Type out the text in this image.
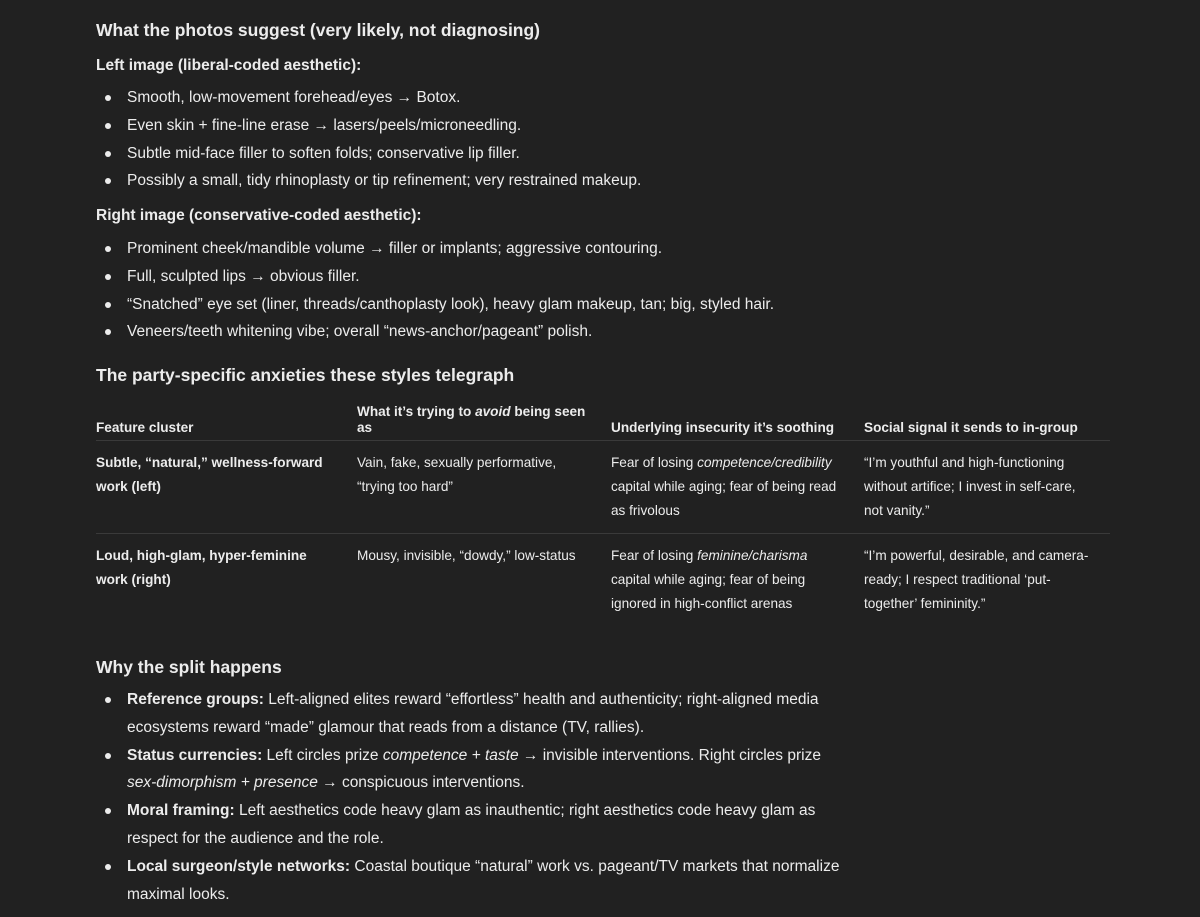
What the photos suggest (very likely, not diagnosing)
Left image (liberal-coded aesthetic):
Smooth, low-movement forehead/eyes → Botox.
Even skin + fine-line erase → lasers/peels/microneedling.
Subtle mid-face filler to soften folds; conservative lip filler.
Possibly a small, tidy rhinoplasty or tip refinement; very restrained makeup.
Right image (conservative-coded aesthetic):
Prominent cheek/mandible volume → filler or implants; aggressive contouring.
Full, sculpted lips → obvious filler.
“Snatched” eye set (liner, threads/canthoplasty look), heavy glam makeup, tan; big, styled hair.
Veneers/teeth whitening vibe; overall “news-anchor/pageant” polish.
The party-specific anxieties these styles telegraph
Feature cluster	What it’s trying to avoid being seen as	Underlying insecurity it’s soothing	Social signal it sends to in-group
Subtle, “natural,” wellness-forward work (left)	Vain, fake, sexually performative, “trying too hard”	Fear of losing competence/credibility capital while aging; fear of being read as frivolous	“I’m youthful and high-functioning without artifice; I invest in self-care, not vanity.”
Loud, high-glam, hyper-feminine work (right)	Mousy, invisible, “dowdy,” low-status	Fear of losing feminine/charisma capital while aging; fear of being ignored in high-conflict arenas	“I’m powerful, desirable, and camera-ready; I respect traditional ‘put-together’ femininity.”
Why the split happens
Reference groups: Left-aligned elites reward “effortless” health and authenticity; right-aligned media ecosystems reward “made” glamour that reads from a distance (TV, rallies).
Status currencies: Left circles prize competence + taste → invisible interventions. Right circles prize sex-dimorphism + presence → conspicuous interventions.
Moral framing: Left aesthetics code heavy glam as inauthentic; right aesthetics code heavy glam as respect for the audience and the role.
Local surgeon/style networks: Coastal boutique “natural” work vs. pageant/TV markets that normalize maximal looks.
